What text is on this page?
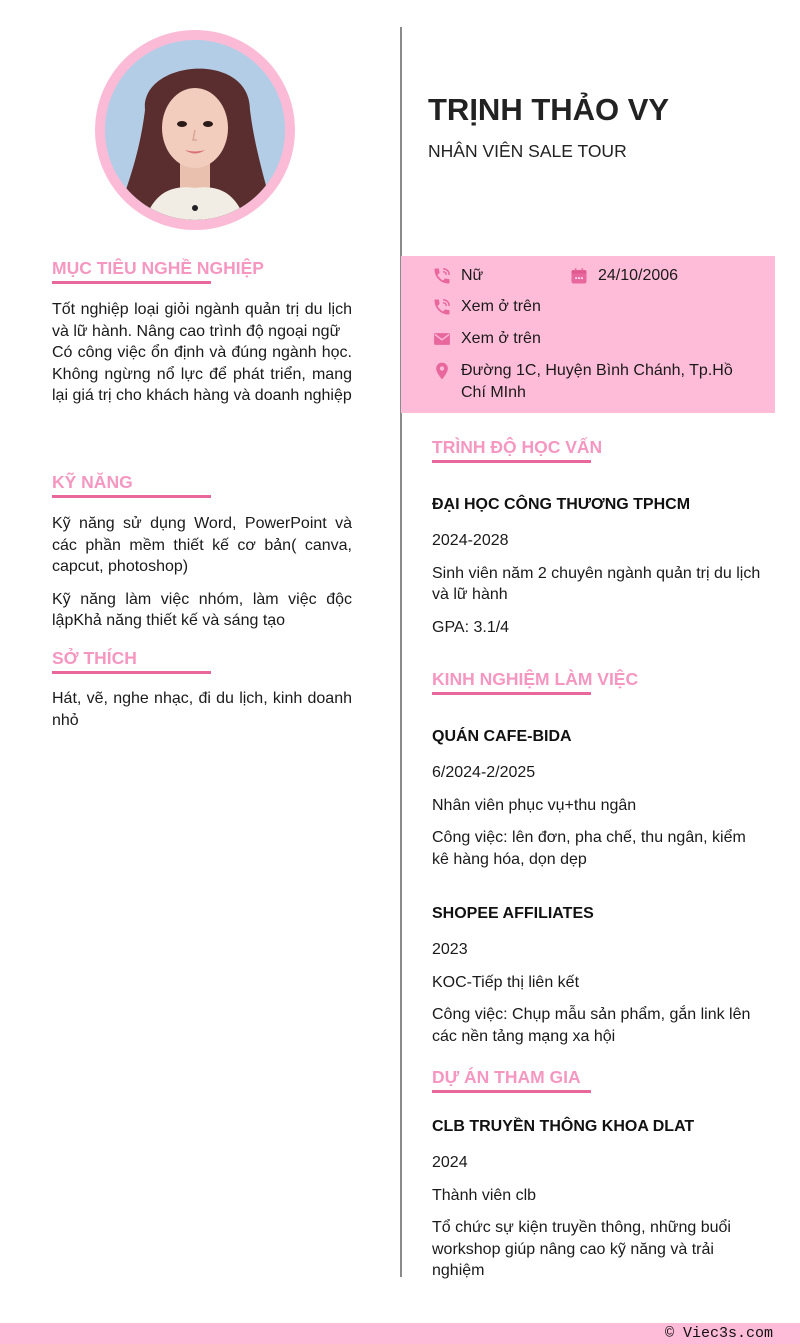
MỤC TIÊU NGHỀ NGHIỆP
Tốt nghiệp loại giỏi ngành quản trị du lịch và lữ hành. Nâng cao trình độ ngoại ngữ
Có công việc ổn định và đúng ngành học. Không ngừng nổ lực để phát triển, mang lại giá trị cho khách hàng và doanh nghiệp
KỸ NĂNG
Kỹ năng sử dụng Word, PowerPoint và các phần mềm thiết kế cơ bản( canva, capcut, photoshop)
Kỹ năng làm việc nhóm, làm việc độc lậpKhả năng thiết kế và sáng tạo
SỞ THÍCH
Hát, vẽ, nghe nhạc, đi du lịch, kinh doanh nhỏ
TRỊNH THẢO VY
NHÂN VIÊN SALE TOUR
Nữ	24/10/2006
Xem ở trên
Xem ở trên
Đường 1C, Huyện Bình Chánh, Tp.Hồ Chí MInh
TRÌNH ĐỘ HỌC VẤN
ĐẠI HỌC CÔNG THƯƠNG TPHCM
2024-2028
Sinh viên năm 2 chuyên ngành quản trị du lịch và lữ hành
GPA: 3.1/4
KINH NGHIỆM LÀM VIỆC
QUÁN CAFE-BIDA
6/2024-2/2025
Nhân viên phục vụ+thu ngân
Công việc: lên đơn, pha chế, thu ngân, kiểm kê hàng hóa, dọn dẹp
SHOPEE AFFILIATES
2023
KOC-Tiếp thị liên kết
Công việc: Chụp mẫu sản phẩm, gắn link lên các nền tảng mạng xa hội
DỰ ÁN THAM GIA
CLB TRUYỀN THÔNG KHOA DLAT
2024
Thành viên clb
Tổ chức sự kiện truyền thông, những buổi workshop giúp nâng cao kỹ năng và trải nghiệm
© Viec3s.com
